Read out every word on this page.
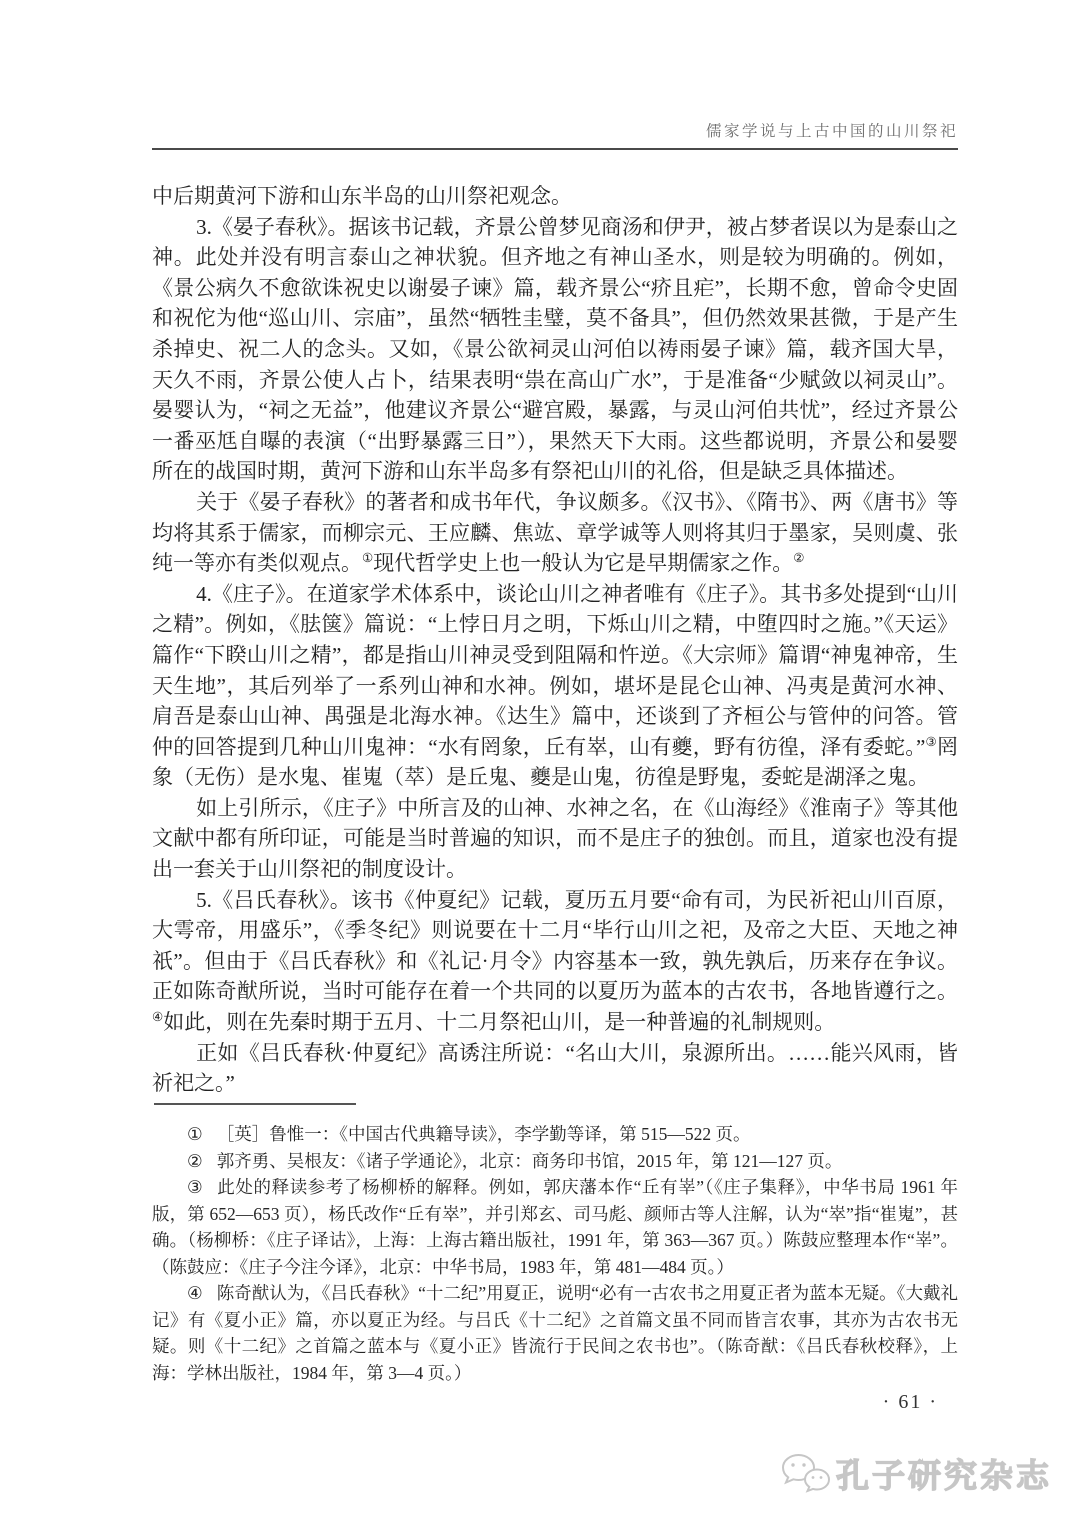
儒家学说与上古中国的山川祭祀

中后期黄河下游和山东半岛的山川祭祀观念。

3.《晏子春秋》。据该书记载，齐景公曾梦见商汤和伊尹，被占梦者误以为是泰山之神。此处并没有明言泰山之神状貌。但齐地之有神山圣水，则是较为明确的。例如，《景公病久不愈欲诛祝史以谢晏子谏》篇，载齐景公“疥且疟”，长期不愈，曾命令史固和祝佗为他“巡山川、宗庙”，虽然“牺牲圭璧，莫不备具”，但仍然效果甚微，于是产生杀掉史、祝二人的念头。又如，《景公欲祠灵山河伯以祷雨晏子谏》篇，载齐国大旱，天久不雨，齐景公使人占卜，结果表明“祟在高山广水”，于是准备“少赋敛以祠灵山”。晏婴认为，“祠之无益”，他建议齐景公“避宫殿，暴露，与灵山河伯共忧”，经过齐景公一番巫尪自曝的表演（“出野暴露三日”），果然天下大雨。这些都说明，齐景公和晏婴所在的战国时期，黄河下游和山东半岛多有祭祀山川的礼俗，但是缺乏具体描述。

关于《晏子春秋》的著者和成书年代，争议颇多。《汉书》、《隋书》、两《唐书》等均将其系于儒家，而柳宗元、王应麟、焦竑、章学诚等人则将其归于墨家，吴则虞、张纯一等亦有类似观点。①现代哲学史上也一般认为它是早期儒家之作。②

4.《庄子》。在道家学术体系中，谈论山川之神者唯有《庄子》。其书多处提到“山川之精”。例如，《胠箧》篇说：“上悖日月之明，下烁山川之精，中堕四时之施。”《天运》篇作“下睽山川之精”，都是指山川神灵受到阻隔和忤逆。《大宗师》篇谓“神鬼神帝，生天生地”，其后列举了一系列山神和水神。例如，堪坏是昆仑山神、冯夷是黄河水神、肩吾是泰山山神、禺强是北海水神。《达生》篇中，还谈到了齐桓公与管仲的问答。管仲的回答提到几种山川鬼神：“水有罔象，丘有崒，山有夔，野有彷徨，泽有委蛇。”③罔象（无伤）是水鬼、崔嵬（萃）是丘鬼、夔是山鬼，彷徨是野鬼，委蛇是湖泽之鬼。

如上引所示，《庄子》中所言及的山神、水神之名，在《山海经》《淮南子》等其他文献中都有所印证，可能是当时普遍的知识，而不是庄子的独创。而且，道家也没有提出一套关于山川祭祀的制度设计。

5.《吕氏春秋》。该书《仲夏纪》记载，夏历五月要“命有司，为民祈祀山川百原，大雩帝，用盛乐”，《季冬纪》则说要在十二月“毕行山川之祀，及帝之大臣、天地之神祇”。但由于《吕氏春秋》和《礼记·月令》内容基本一致，孰先孰后，历来存在争议。正如陈奇猷所说，当时可能存在着一个共同的以夏历为蓝本的古农书，各地皆遵行之。④如此，则在先秦时期于五月、十二月祭祀山川，是一种普遍的礼制规则。

正如《吕氏春秋·仲夏纪》高诱注所说：“名山大川，泉源所出。……能兴风雨，皆祈祀之。”

① ［英］鲁惟一：《中国古代典籍导读》，李学勤等译，第 515—522 页。

② 郭齐勇、吴根友：《诸子学通论》，北京：商务印书馆，2015 年，第 121—127 页。

③ 此处的释读参考了杨柳桥的解释。例如，郭庆藩本作“丘有峷”（《庄子集释》，中华书局 1961 年版，第 652—653 页），杨氏改作“丘有崒”，并引郑玄、司马彪、颜师古等人注解，认为“崒”指“崔嵬”，甚确。（杨柳桥：《庄子译诂》，上海：上海古籍出版社，1991 年，第 363—367 页。）陈鼓应整理本作“峷”。（陈鼓应：《庄子今注今译》，北京：中华书局，1983 年，第 481—484 页。）

④ 陈奇猷认为，《吕氏春秋》“十二纪”用夏正，说明“必有一古农书之用夏正者为蓝本无疑。《大戴礼记》有《夏小正》篇，亦以夏正为经。与吕氏《十二纪》之首篇文虽不同而皆言农事，其亦为古农书无疑。则《十二纪》之首篇之蓝本与《夏小正》皆流行于民间之农书也”。（陈奇猷：《吕氏春秋校释》，上海：学林出版社，1984 年，第 3—4 页。）

· 61 ·
孔子研究杂志
